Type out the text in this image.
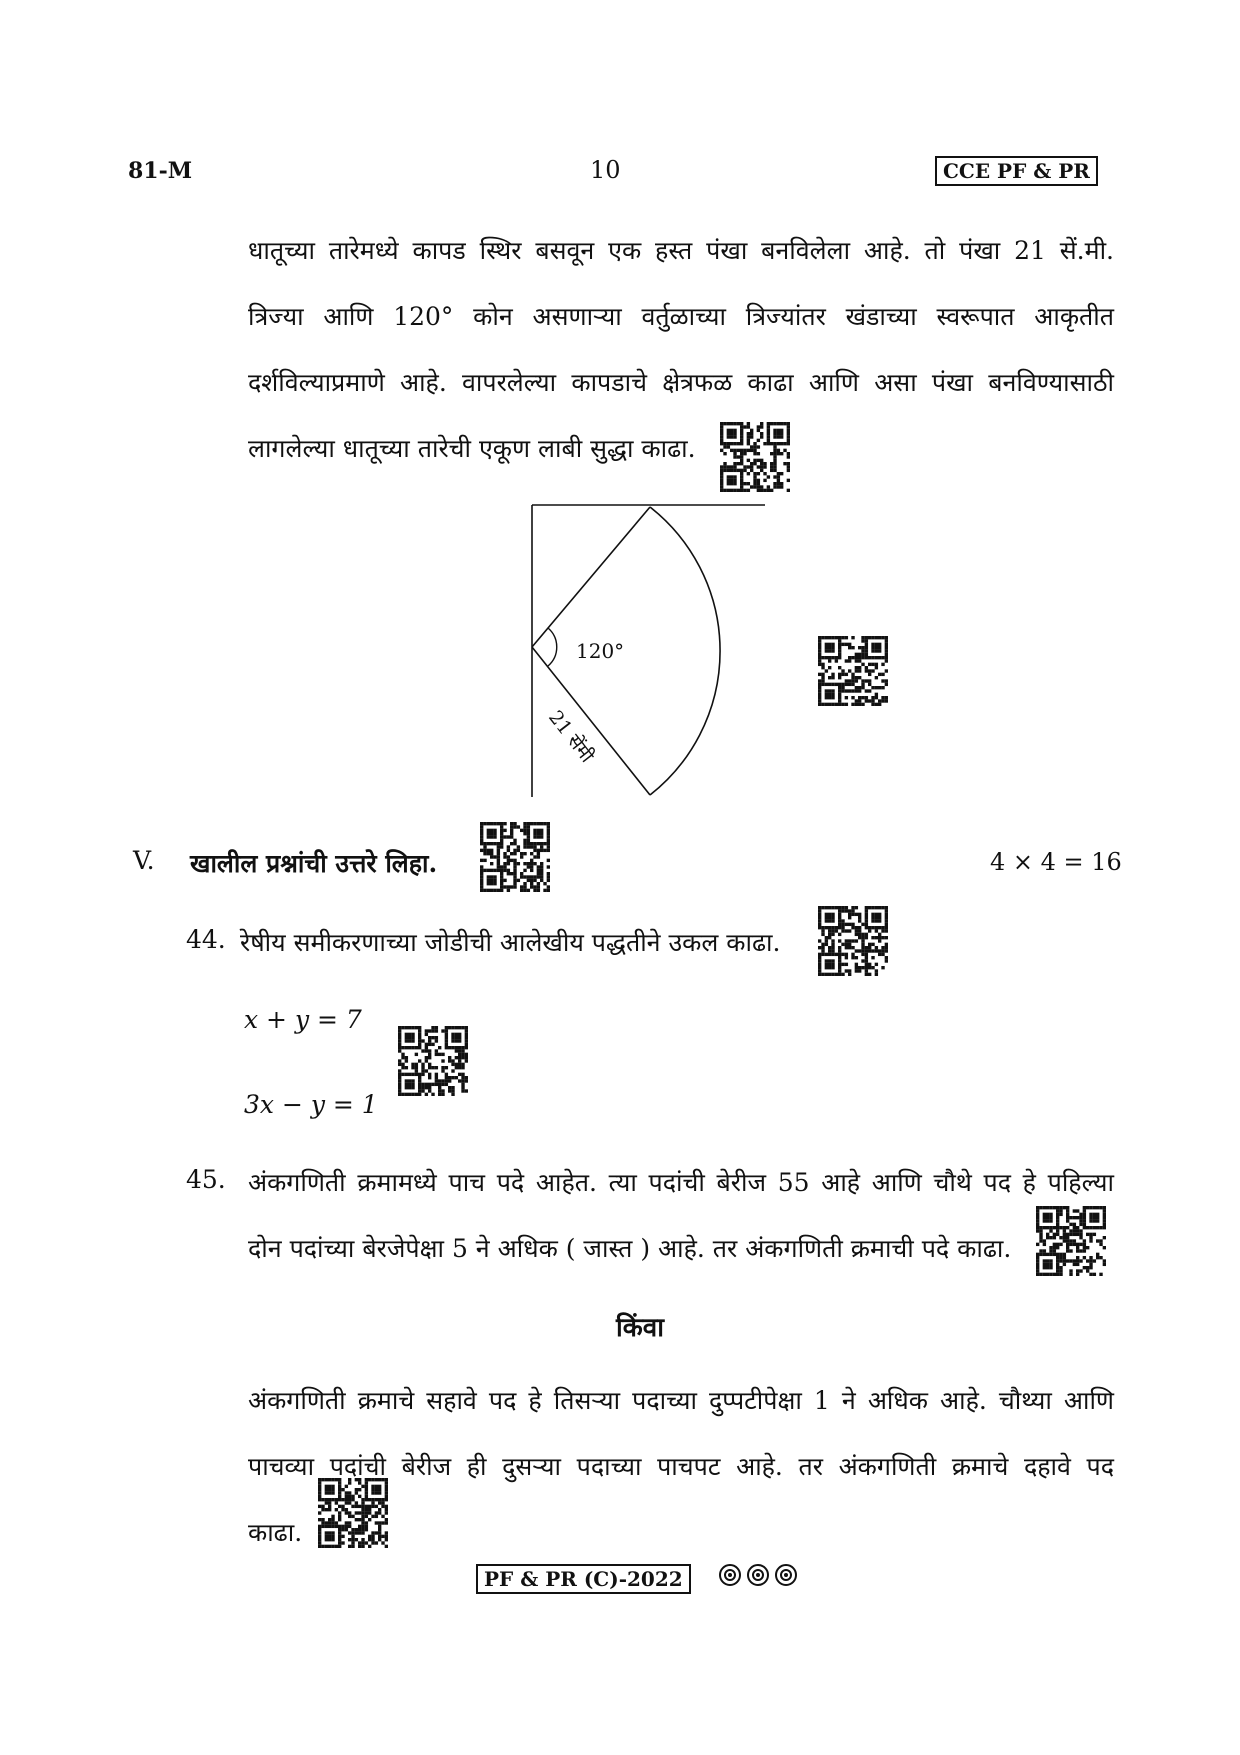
81-M	10	CCE PF & PR
धातूच्या तारेमध्ये कापड स्थिर बसवून एक हस्त पंखा बनविलेला आहे. तो पंखा 21 सें.मी.
त्रिज्या आणि 120° कोन असणाऱ्या वर्तुळाच्या त्रिज्यांतर खंडाच्या स्वरूपात आकृतीत
दर्शविल्याप्रमाणे आहे. वापरलेल्या कापडाचे क्षेत्रफळ काढा आणि असा पंखा बनविण्यासाठी
लागलेल्या धातूच्या तारेची एकूण लाबी सुद्धा काढा.
120°
21 सेंमी
V. खालील प्रश्नांची उत्तरे लिहा.	4 × 4 = 16
44. रेषीय समीकरणाच्या जोडीची आलेखीय पद्धतीने उकल काढा.
x + y = 7
3x − y = 1
45. अंकगणिती क्रमामध्ये पाच पदे आहेत. त्या पदांची बेरीज 55 आहे आणि चौथे पद हे पहिल्या
दोन पदांच्या बेरजेपेक्षा 5 ने अधिक ( जास्त ) आहे. तर अंकगणिती क्रमाची पदे काढा.
किंवा
अंकगणिती क्रमाचे सहावे पद हे तिसऱ्या पदाच्या दुप्पटीपेक्षा 1 ने अधिक आहे. चौथ्या आणि
पाचव्या पदांची बेरीज ही दुसऱ्या पदाच्या पाचपट आहे. तर अंकगणिती क्रमाचे दहावे पद
काढा.
PF & PR (C)-2022
